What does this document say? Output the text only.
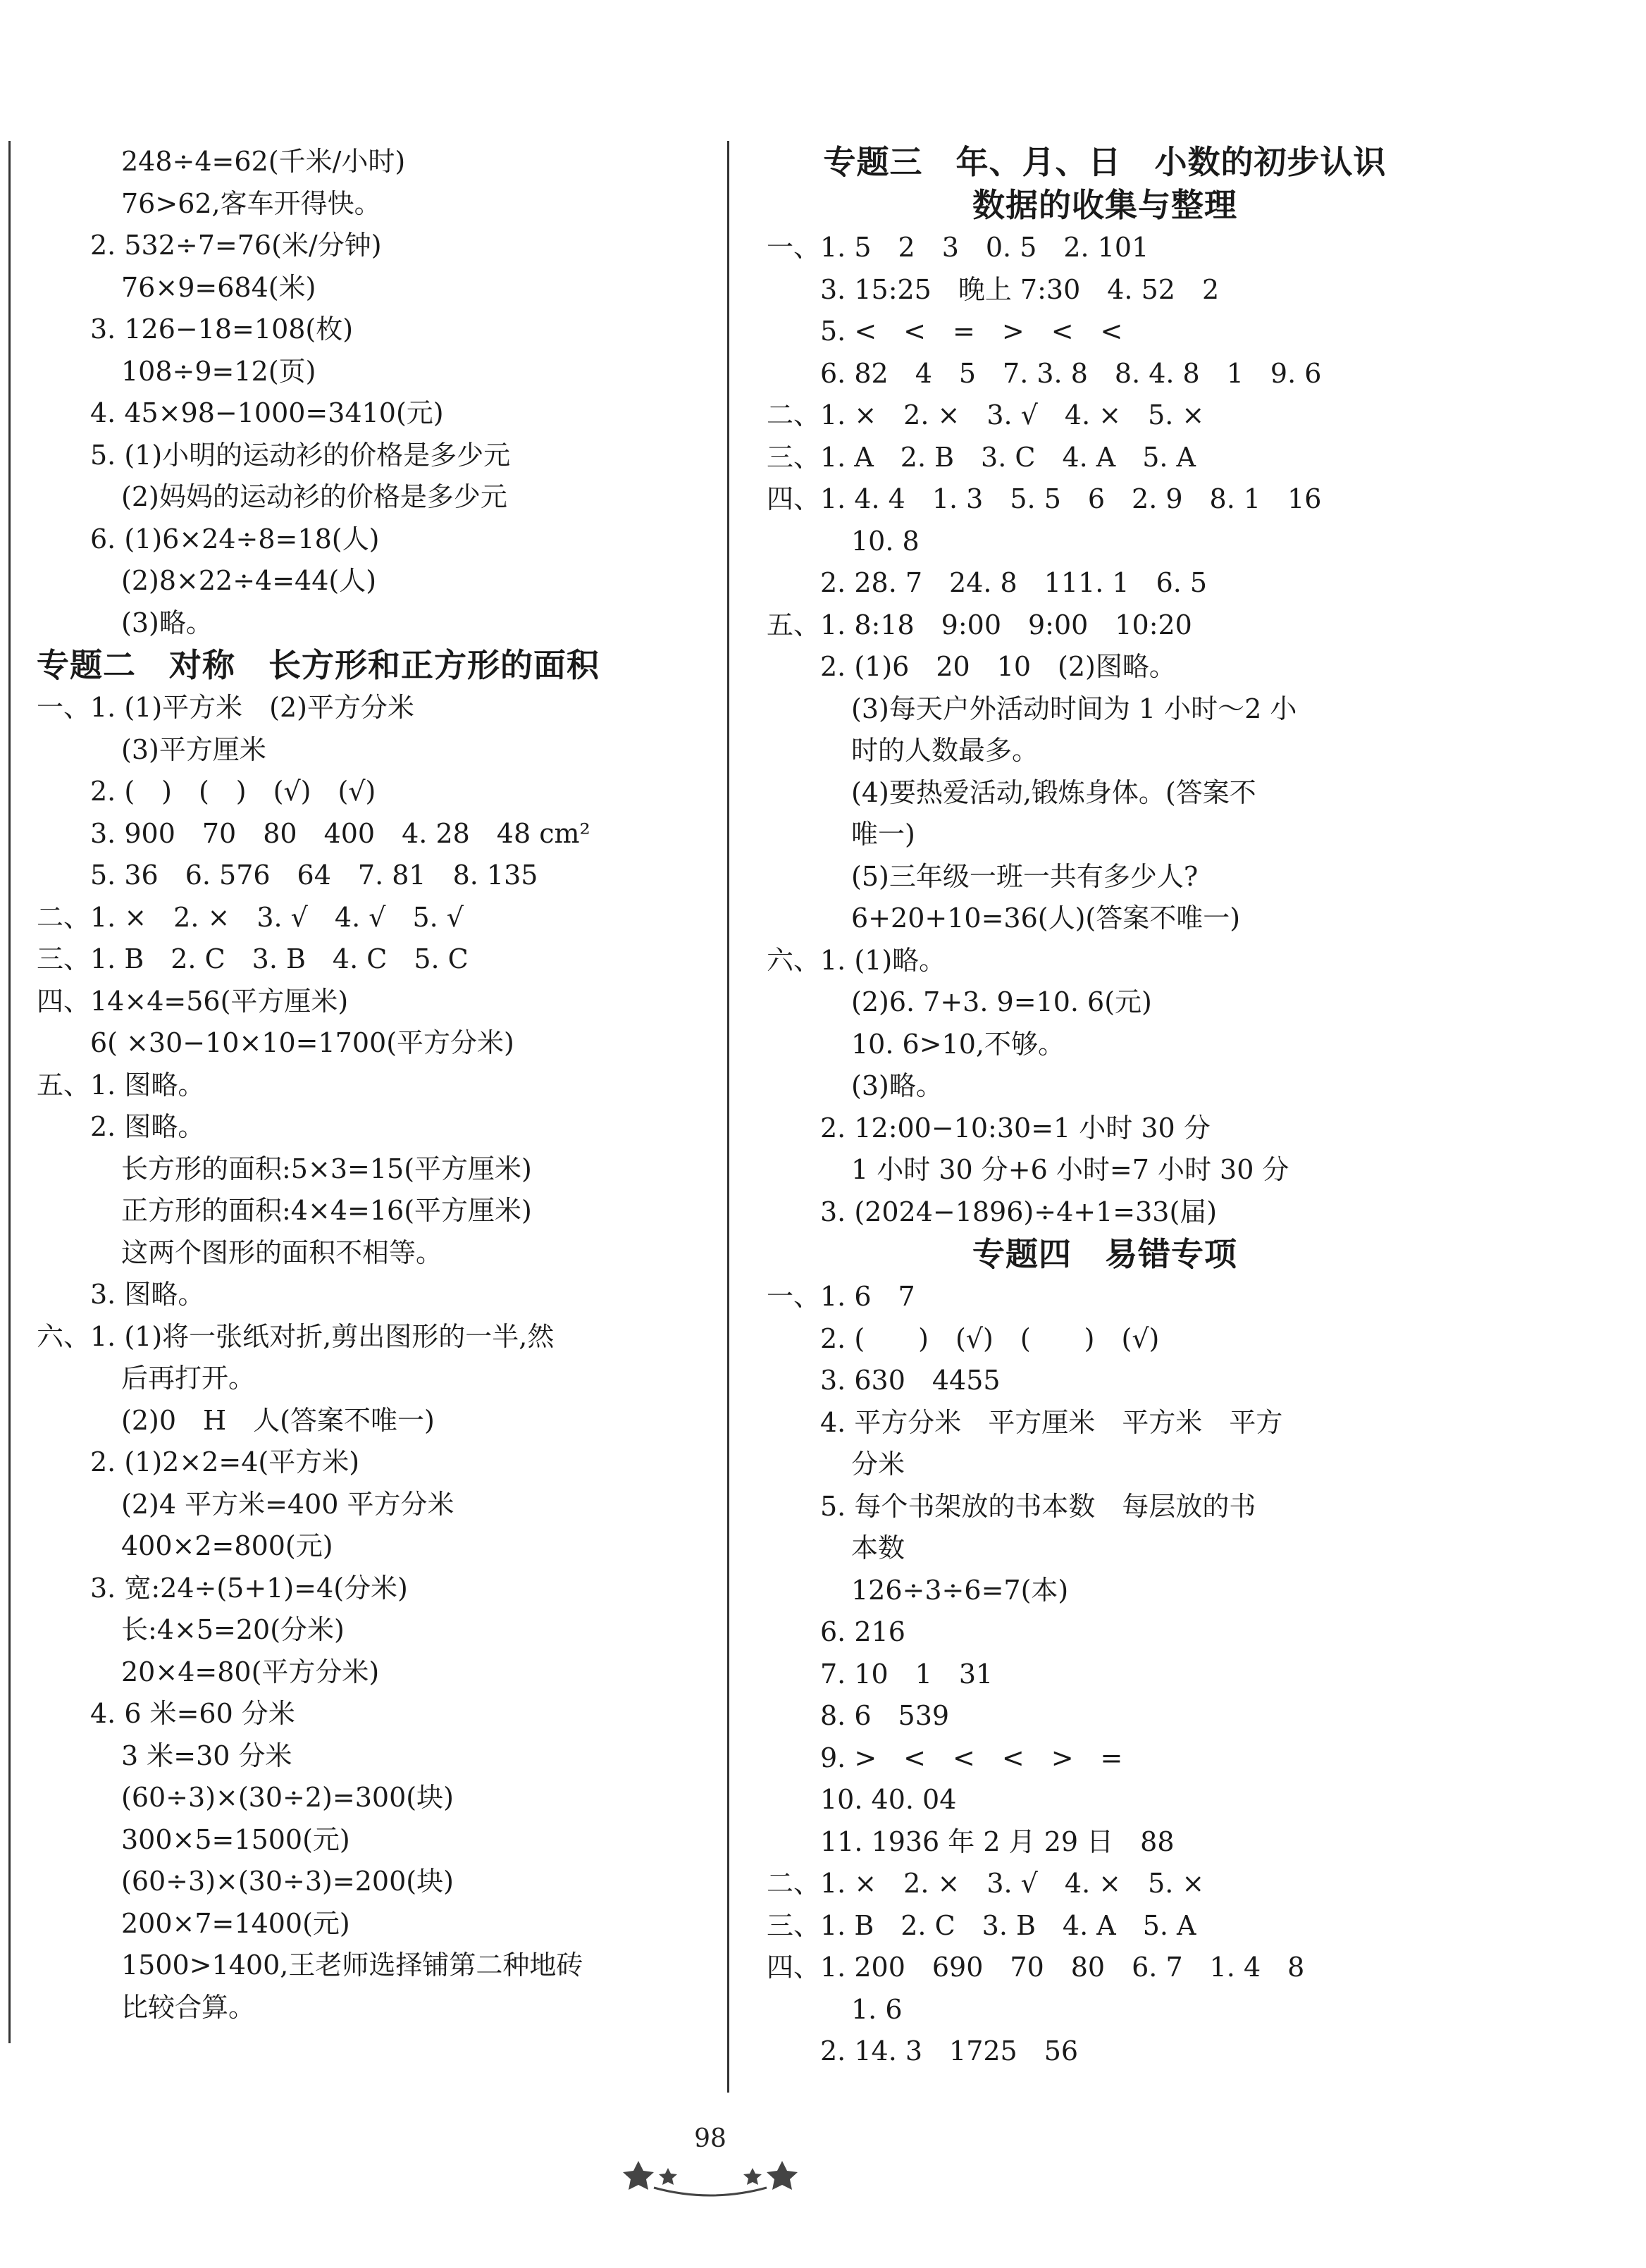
248÷4=62(千米/小时)
76>62,客车开得快。
　　2. 532÷7=76(米/分钟)
76×9=684(米)
　　3. 126−18=108(枚)
108÷9=12(页)
　　4. 45×98−1000=3410(元)
　　5. (1)小明的运动衫的价格是多少元
(2)妈妈的运动衫的价格是多少元
　　6. (1)6×24÷8=18(人)
(2)8×22÷4=44(人)
(3)略。
专题二　对称　长方形和正方形的面积
一、1. (1)平方米　(2)平方分米
(3)平方厘米
　　2. (　)　(　)　(√)　(√)
　　3. 900　70　80　400　4. 28　48 cm²
　　5. 36　6. 576　64　7. 81　8. 135
二、1. ×　2. ×　3. √　4. √　5. √
三、1. B　2. C　3. B　4. C　5. C
四、14×4=56(平方厘米)
　　6( ×30−10×10=1700(平方分米)
五、1. 图略。
　　2. 图略。
长方形的面积:5×3=15(平方厘米)
正方形的面积:4×4=16(平方厘米)
这两个图形的面积不相等。
　　3. 图略。
六、1. (1)将一张纸对折,剪出图形的一半,然
后再打开。
(2)0　H　人(答案不唯一)
　　2. (1)2×2=4(平方米)
(2)4 平方米=400 平方分米
400×2=800(元)
　　3. 宽:24÷(5+1)=4(分米)
长:4×5=20(分米)
20×4=80(平方分米)
　　4. 6 米=60 分米
3 米=30 分米
(60÷3)×(30÷2)=300(块)
300×5=1500(元)
(60÷3)×(30÷3)=200(块)
200×7=1400(元)
1500>1400,王老师选择铺第二种地砖
比较合算。
专题三　年、月、日　小数的初步认识
数据的收集与整理
一、1. 5　2　3　0. 5　2. 101
　　3. 15:25　晚上 7:30　4. 52　2
　　5. <　<　=　>　<　<
　　6. 82　4　5　7. 3. 8　8. 4. 8　1　9. 6
二、1. ×　2. ×　3. √　4. ×　5. ×
三、1. A　2. B　3. C　4. A　5. A
四、1. 4. 4　1. 3　5. 5　6　2. 9　8. 1　16
10. 8
　　2. 28. 7　24. 8　111. 1　6. 5
五、1. 8:18　9:00　9:00　10:20
　　2. (1)6　20　10　(2)图略。
(3)每天户外活动时间为 1 小时～2 小
时的人数最多。
(4)要热爱活动,锻炼身体。(答案不
唯一)
(5)三年级一班一共有多少人?
6+20+10=36(人)(答案不唯一)
六、1. (1)略。
(2)6. 7+3. 9=10. 6(元)
10. 6>10,不够。
(3)略。
　　2. 12:00−10:30=1 小时 30 分
1 小时 30 分+6 小时=7 小时 30 分
　　3. (2024−1896)÷4+1=33(届)
专题四　易错专项
一、1. 6　7
　　2. (　　)　(√)　(　　)　(√)
　　3. 630　4455
　　4. 平方分米　平方厘米　平方米　平方
分米
　　5. 每个书架放的书本数　每层放的书
本数
126÷3÷6=7(本)
　　6. 216
　　7. 10　1　31
　　8. 6　539
　　9. >　<　<　<　>　=
　　10. 40. 04
　　11. 1936 年 2 月 29 日　88
二、1. ×　2. ×　3. √　4. ×　5. ×
三、1. B　2. C　3. B　4. A　5. A
四、1. 200　690　70　80　6. 7　1. 4　8
1. 6
　　2. 14. 3　1725　56
98
